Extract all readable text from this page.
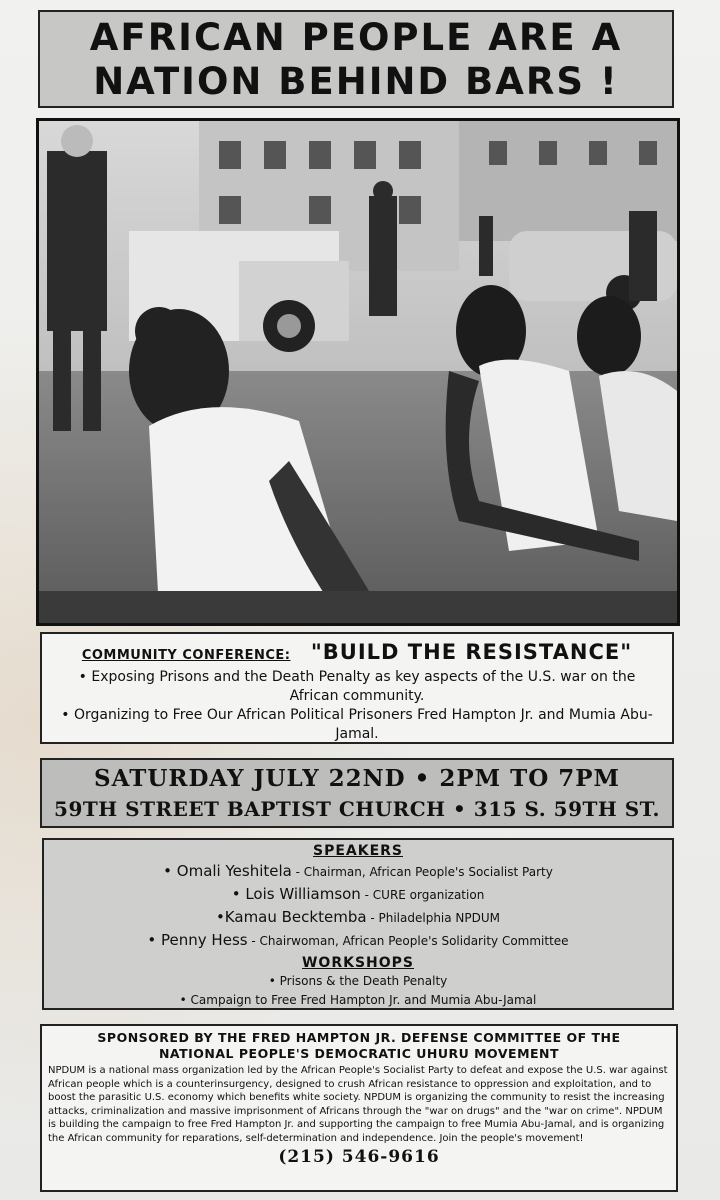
AFRICAN PEOPLE ARE A
NATION BEHIND BARS !
COMMUNITY CONFERENCE: "BUILD THE RESISTANCE"
• Exposing Prisons and the Death Penalty as key aspects of the U.S. war on the African community.
• Organizing to Free Our African Political Prisoners Fred Hampton Jr. and Mumia Abu-Jamal.
SATURDAY JULY 22ND • 2PM TO 7PM
59TH STREET BAPTIST CHURCH • 315 S. 59TH ST.
SPEAKERS
• Omali Yeshitela - Chairman, African People's Socialist Party
• Lois Williamson - CURE organization
•Kamau Becktemba - Philadelphia NPDUM
• Penny Hess - Chairwoman, African People's Solidarity Committee
WORKSHOPS
• Prisons & the Death Penalty
• Campaign to Free Fred Hampton Jr. and Mumia Abu-Jamal
SPONSORED BY THE FRED HAMPTON JR. DEFENSE COMMITTEE OF THE
NATIONAL PEOPLE'S DEMOCRATIC UHURU MOVEMENT
NPDUM is a national mass organization led by the African People's Socialist Party to defeat and expose the U.S. war against African people which is a counterinsurgency, designed to crush African resistance to oppression and exploitation, and to boost the parasitic U.S. economy which benefits white society. NPDUM is organizing the community to resist the increasing attacks, criminalization and massive imprisonment of Africans through the "war on drugs" and the "war on crime". NPDUM is building the campaign to free Fred Hampton Jr. and supporting the campaign to free Mumia Abu-Jamal, and is organizing the African community for reparations, self-determination and independence. Join the people's movement!
(215) 546-9616
